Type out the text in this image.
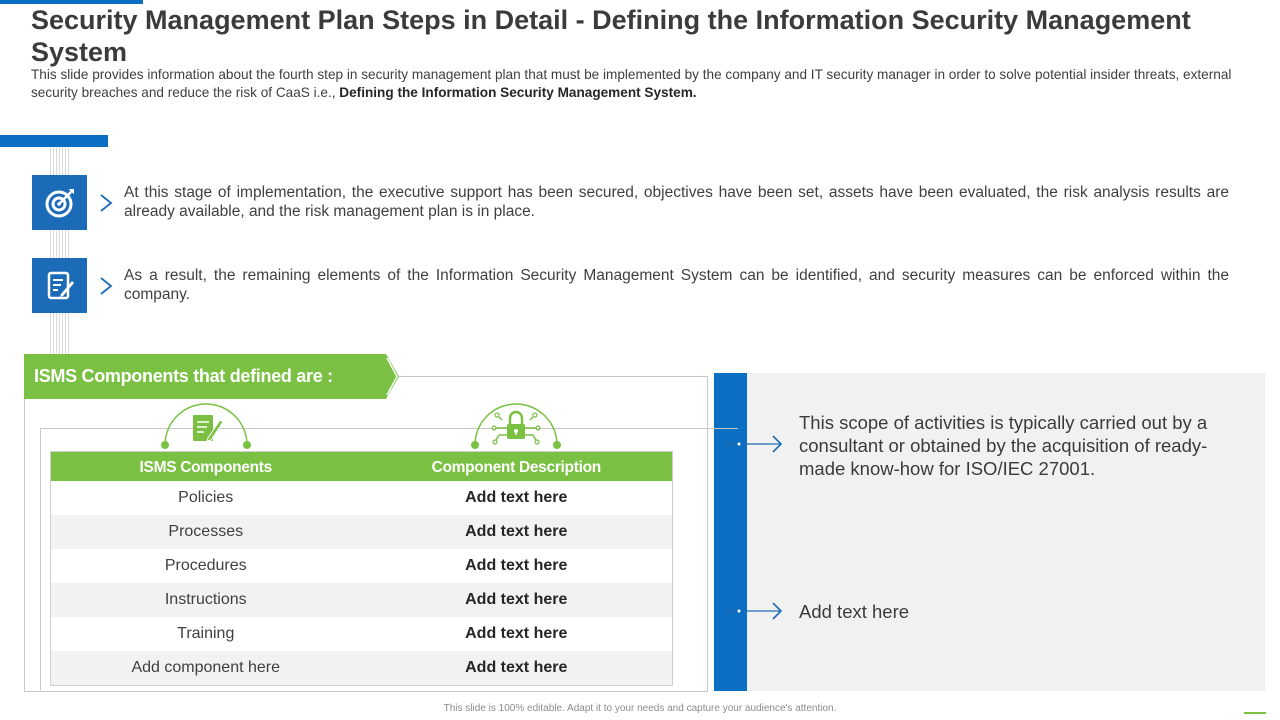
Security Management Plan Steps in Detail - Defining the Information Security Management System
This slide provides information about the fourth step in security management plan that must be implemented by the company and IT security manager in order to solve potential insider threats, external security breaches and reduce the risk of CaaS i.e., Defining the Information Security Management System.
At this stage of implementation, the executive support has been secured, objectives have been set, assets have been evaluated, the risk analysis results are already available, and the risk management plan is in place.
As a result, the remaining elements of the Information Security Management System can be identified, and security measures can be enforced within the company.
ISMS Components that defined are :
ISMS Components	Component Description
Policies	Add text here
Processes	Add text here
Procedures	Add text here
Instructions	Add text here
Training	Add text here
Add component here	Add text here
This scope of activities is typically carried out by a consultant or obtained by the acquisition of ready-made know-how for ISO/IEC 27001.
Add text here
This slide is 100% editable. Adapt it to your needs and capture your audience's attention.
